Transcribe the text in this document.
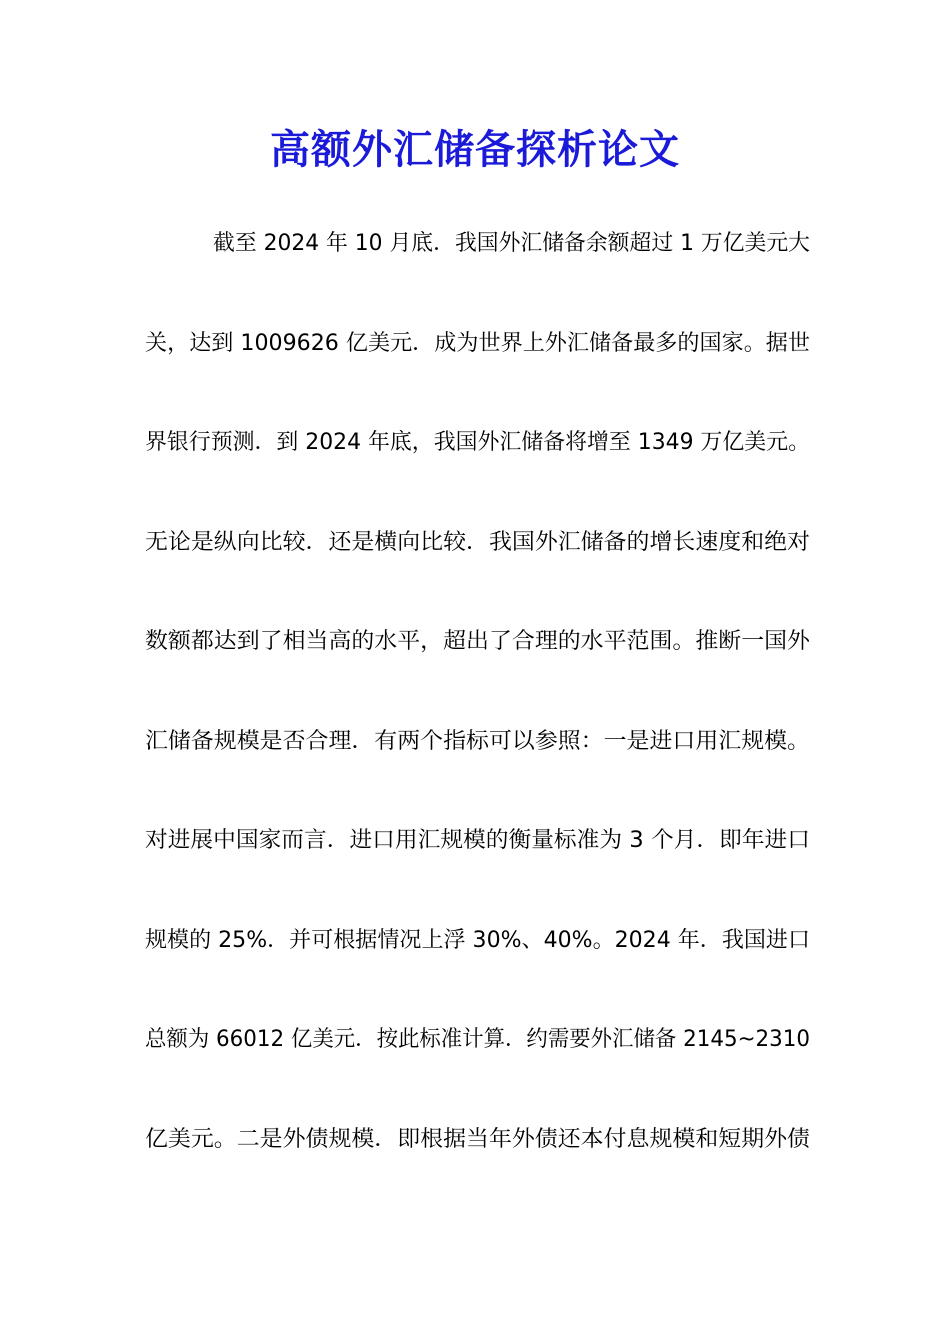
高额外汇储备探析论文
截至 2024 年 10 月底．我国外汇储备余额超过 1 万亿美元大
关，达到 1009626 亿美元．成为世界上外汇储备最多的国家。据世
界银行预测．到 2024 年底，我国外汇储备将增至 1349 万亿美元。
无论是纵向比较．还是横向比较．我国外汇储备的增长速度和绝对
数额都达到了相当高的水平，超出了合理的水平范围。推断一国外
汇储备规模是否合理．有两个指标可以参照：一是进口用汇规模。
对进展中国家而言．进口用汇规模的衡量标准为 3 个月．即年进口
规模的 25%．并可根据情况上浮 30%、40%。2024 年．我国进口
总额为 66012 亿美元．按此标准计算．约需要外汇储备 2145~2310
亿美元。二是外债规模．即根据当年外债还本付息规模和短期外债
